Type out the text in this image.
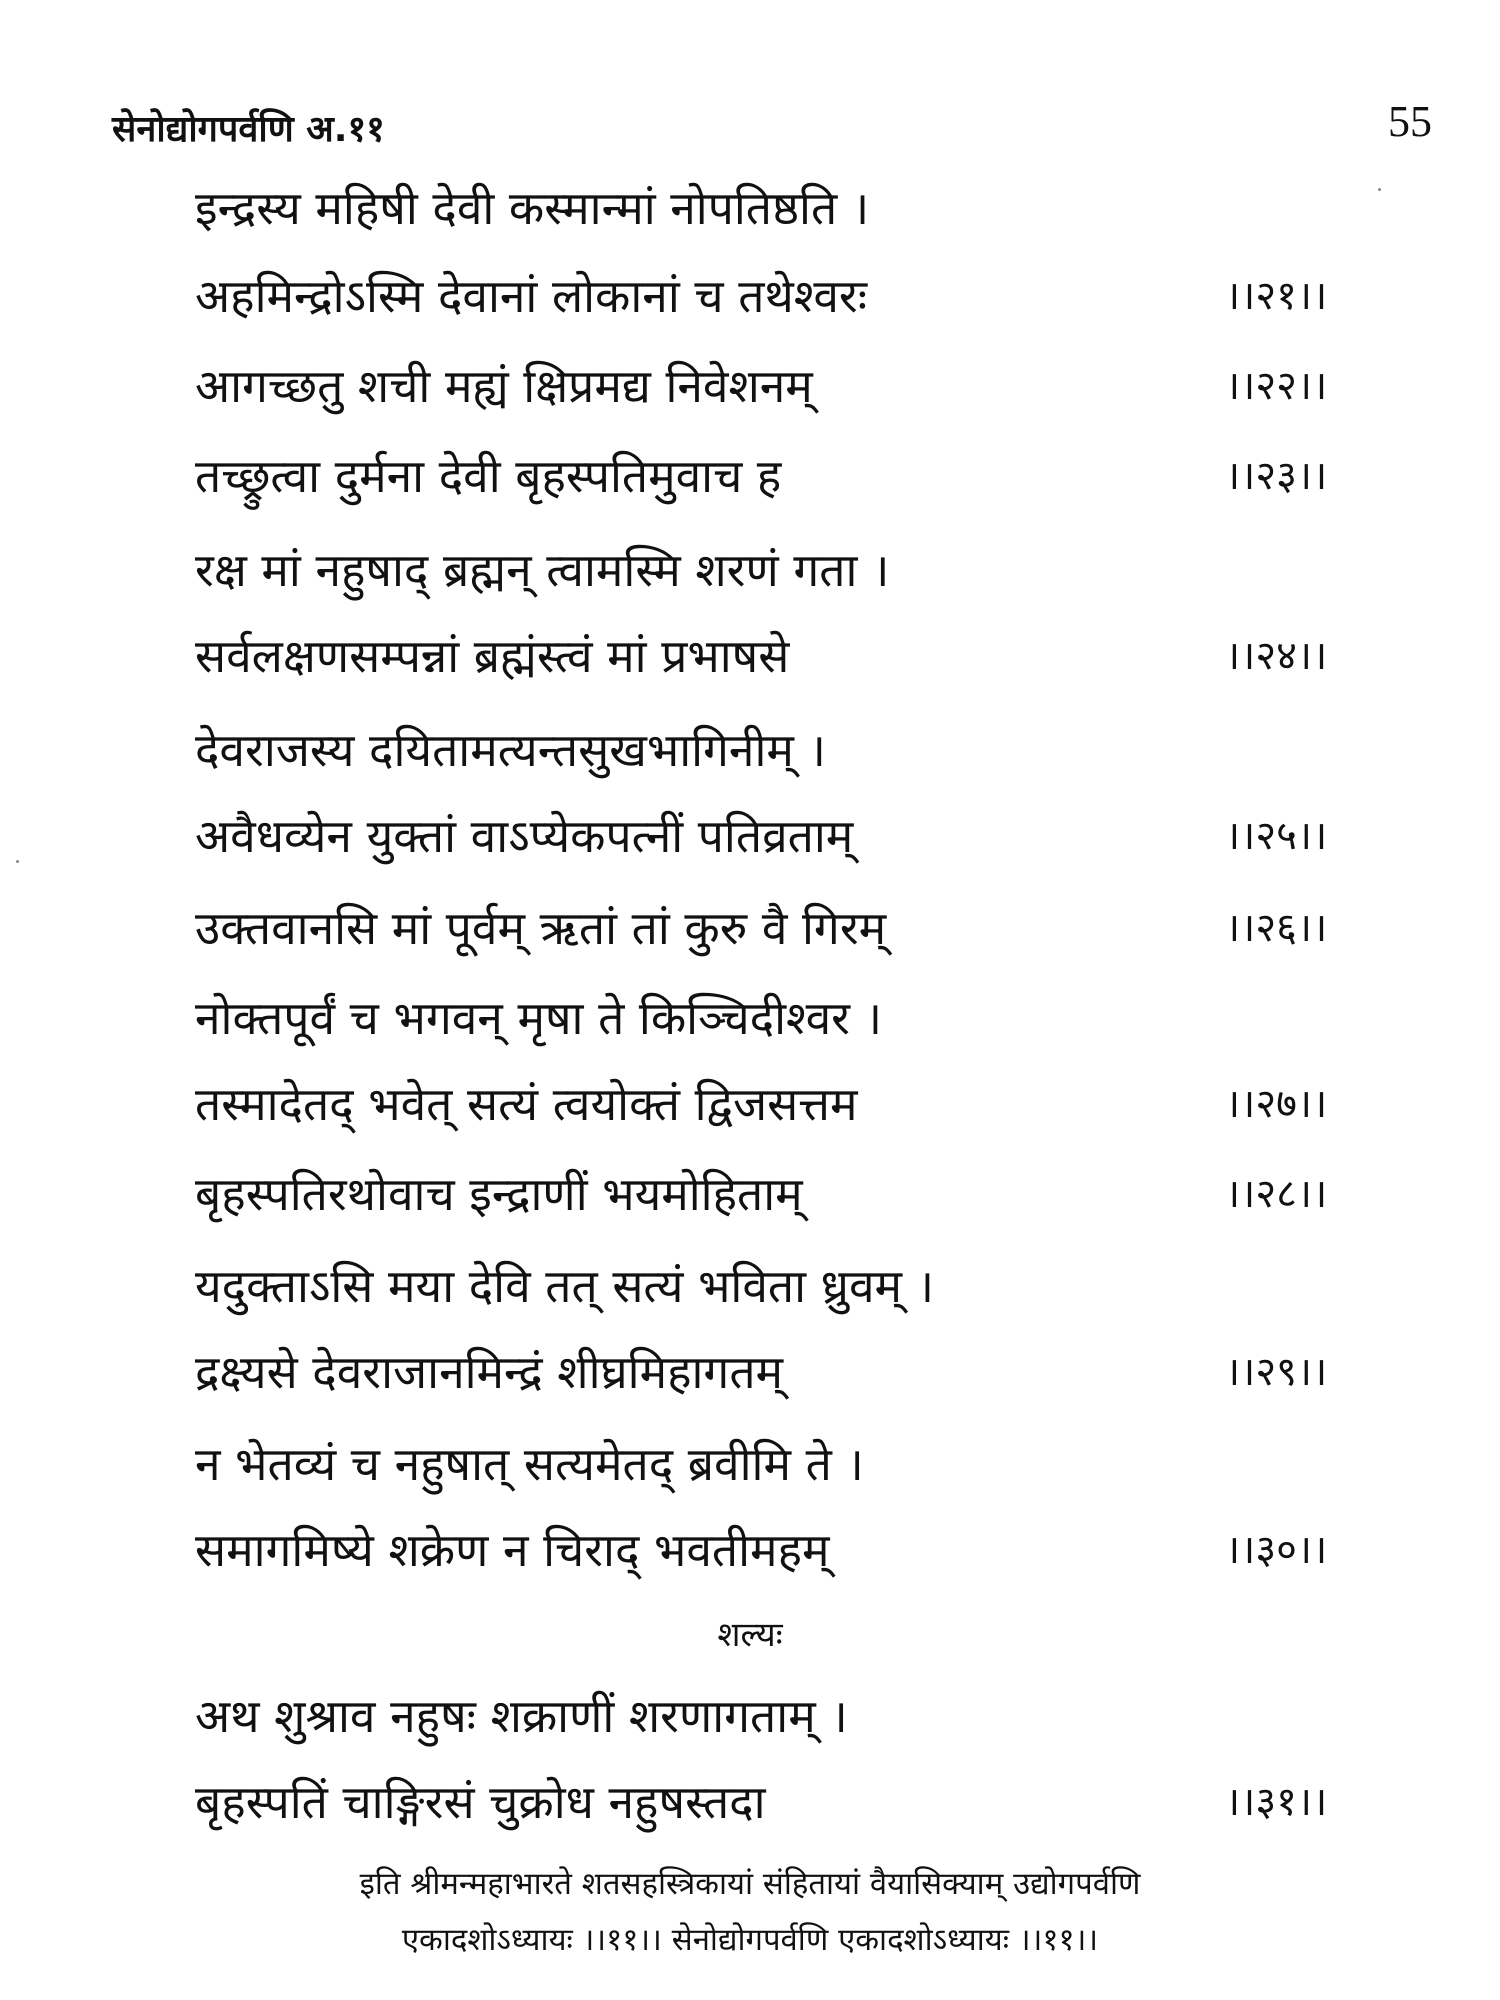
सेनोद्योगपर्वणि अ.११	55
इन्द्रस्य महिषी देवी कस्मान्मां नोपतिष्ठति ।
अहमिन्द्रोऽस्मि देवानां लोकानां च तथेश्वरः	।।२१।।
आगच्छतु शची मह्यं क्षिप्रमद्य निवेशनम्	।।२२।।
तच्छ्रुत्वा दुर्मना देवी बृहस्पतिमुवाच ह	।।२३।।
रक्ष मां नहुषाद् ब्रह्मन् त्वामस्मि शरणं गता ।
सर्वलक्षणसम्पन्नां ब्रह्मंस्त्वं मां प्रभाषसे	।।२४।।
देवराजस्य दयितामत्यन्तसुखभागिनीम् ।
अवैधव्येन युक्तां वाऽप्येकपत्नीं पतिव्रताम्	।।२५।।
उक्तवानसि मां पूर्वम् ऋतां तां कुरु वै गिरम्	।।२६।।
नोक्तपूर्वं च भगवन् मृषा ते किञ्चिदीश्वर ।
तस्मादेतद् भवेत् सत्यं त्वयोक्तं द्विजसत्तम	।।२७।।
बृहस्पतिरथोवाच इन्द्राणीं भयमोहिताम्	।।२८।।
यदुक्ताऽसि मया देवि तत् सत्यं भविता ध्रुवम् ।
द्रक्ष्यसे देवराजानमिन्द्रं शीघ्रमिहागतम्	।।२९।।
न भेतव्यं च नहुषात् सत्यमेतद् ब्रवीमि ते ।
समागमिष्ये शक्रेण न चिराद् भवतीमहम्	।।३०।।
शल्यः
अथ शुश्राव नहुषः शक्राणीं शरणागताम् ।
बृहस्पतिं चाङ्गिरसं चुक्रोध नहुषस्तदा	।।३१।।
इति श्रीमन्महाभारते शतसहस्त्रिकायां संहितायां वैयासिक्याम् उद्योगपर्वणि
एकादशोऽध्यायः ।।११।। सेनोद्योगपर्वणि एकादशोऽध्यायः ।।११।।
